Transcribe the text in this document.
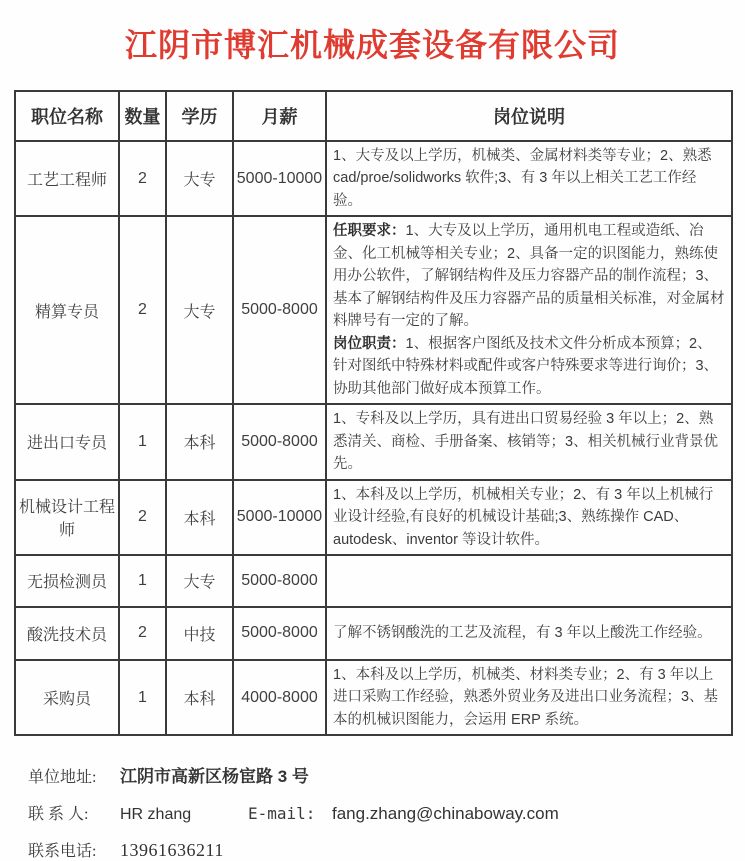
江阴市博汇机械成套设备有限公司
职位名称	数量	学历	月薪	岗位说明
工艺工程师	2	大专	5000-10000	1、大专及以上学历，机械类、金属材料类等专业；2、熟悉cad/proe/solidworks 软件;3、有 3 年以上相关工艺工作经验。

精算专员	2	大专	5000-8000	任职要求：1、大专及以上学历，通用机电工程或造纸、冶金、化工机械等相关专业；2、具备一定的识图能力，熟练使用办公软件，了解钢结构件及压力容器产品的制作流程；3、基本了解钢结构件及压力容器产品的质量相关标准，对金属材料牌号有一定的了解。
岗位职责：1、根据客户图纸及技术文件分析成本预算；2、针对图纸中特殊材料或配件或客户特殊要求等进行询价；3、协助其他部门做好成本预算工作。

进出口专员	1	本科	5000-8000	1、专科及以上学历，具有进出口贸易经验 3 年以上；2、熟悉清关、商检、手册备案、核销等；3、相关机械行业背景优先。

机械设计工程师	2	本科	5000-10000	1、本科及以上学历，机械相关专业；2、有 3 年以上机械行业设计经验,有良好的机械设计基础;3、熟练操作 CAD、autodesk、inventor 等设计软件。

无损检测员	1	大专	5000-8000	
酸洗技术员	2	中技	5000-8000	了解不锈钢酸洗的工艺及流程，有 3 年以上酸洗工作经验。

采购员	1	本科	4000-8000	1、本科及以上学历，机械类、材料类专业；2、有 3 年以上进口采购工作经验，熟悉外贸业务及进出口业务流程；3、基本的机械识图能力，会运用 ERP 系统。
单位地址:	江阴市高新区杨宦路 3 号
联 系 人:	HR zhang	E-mail: fang.zhang@chinaboway.com
联系电话:	13961636211
